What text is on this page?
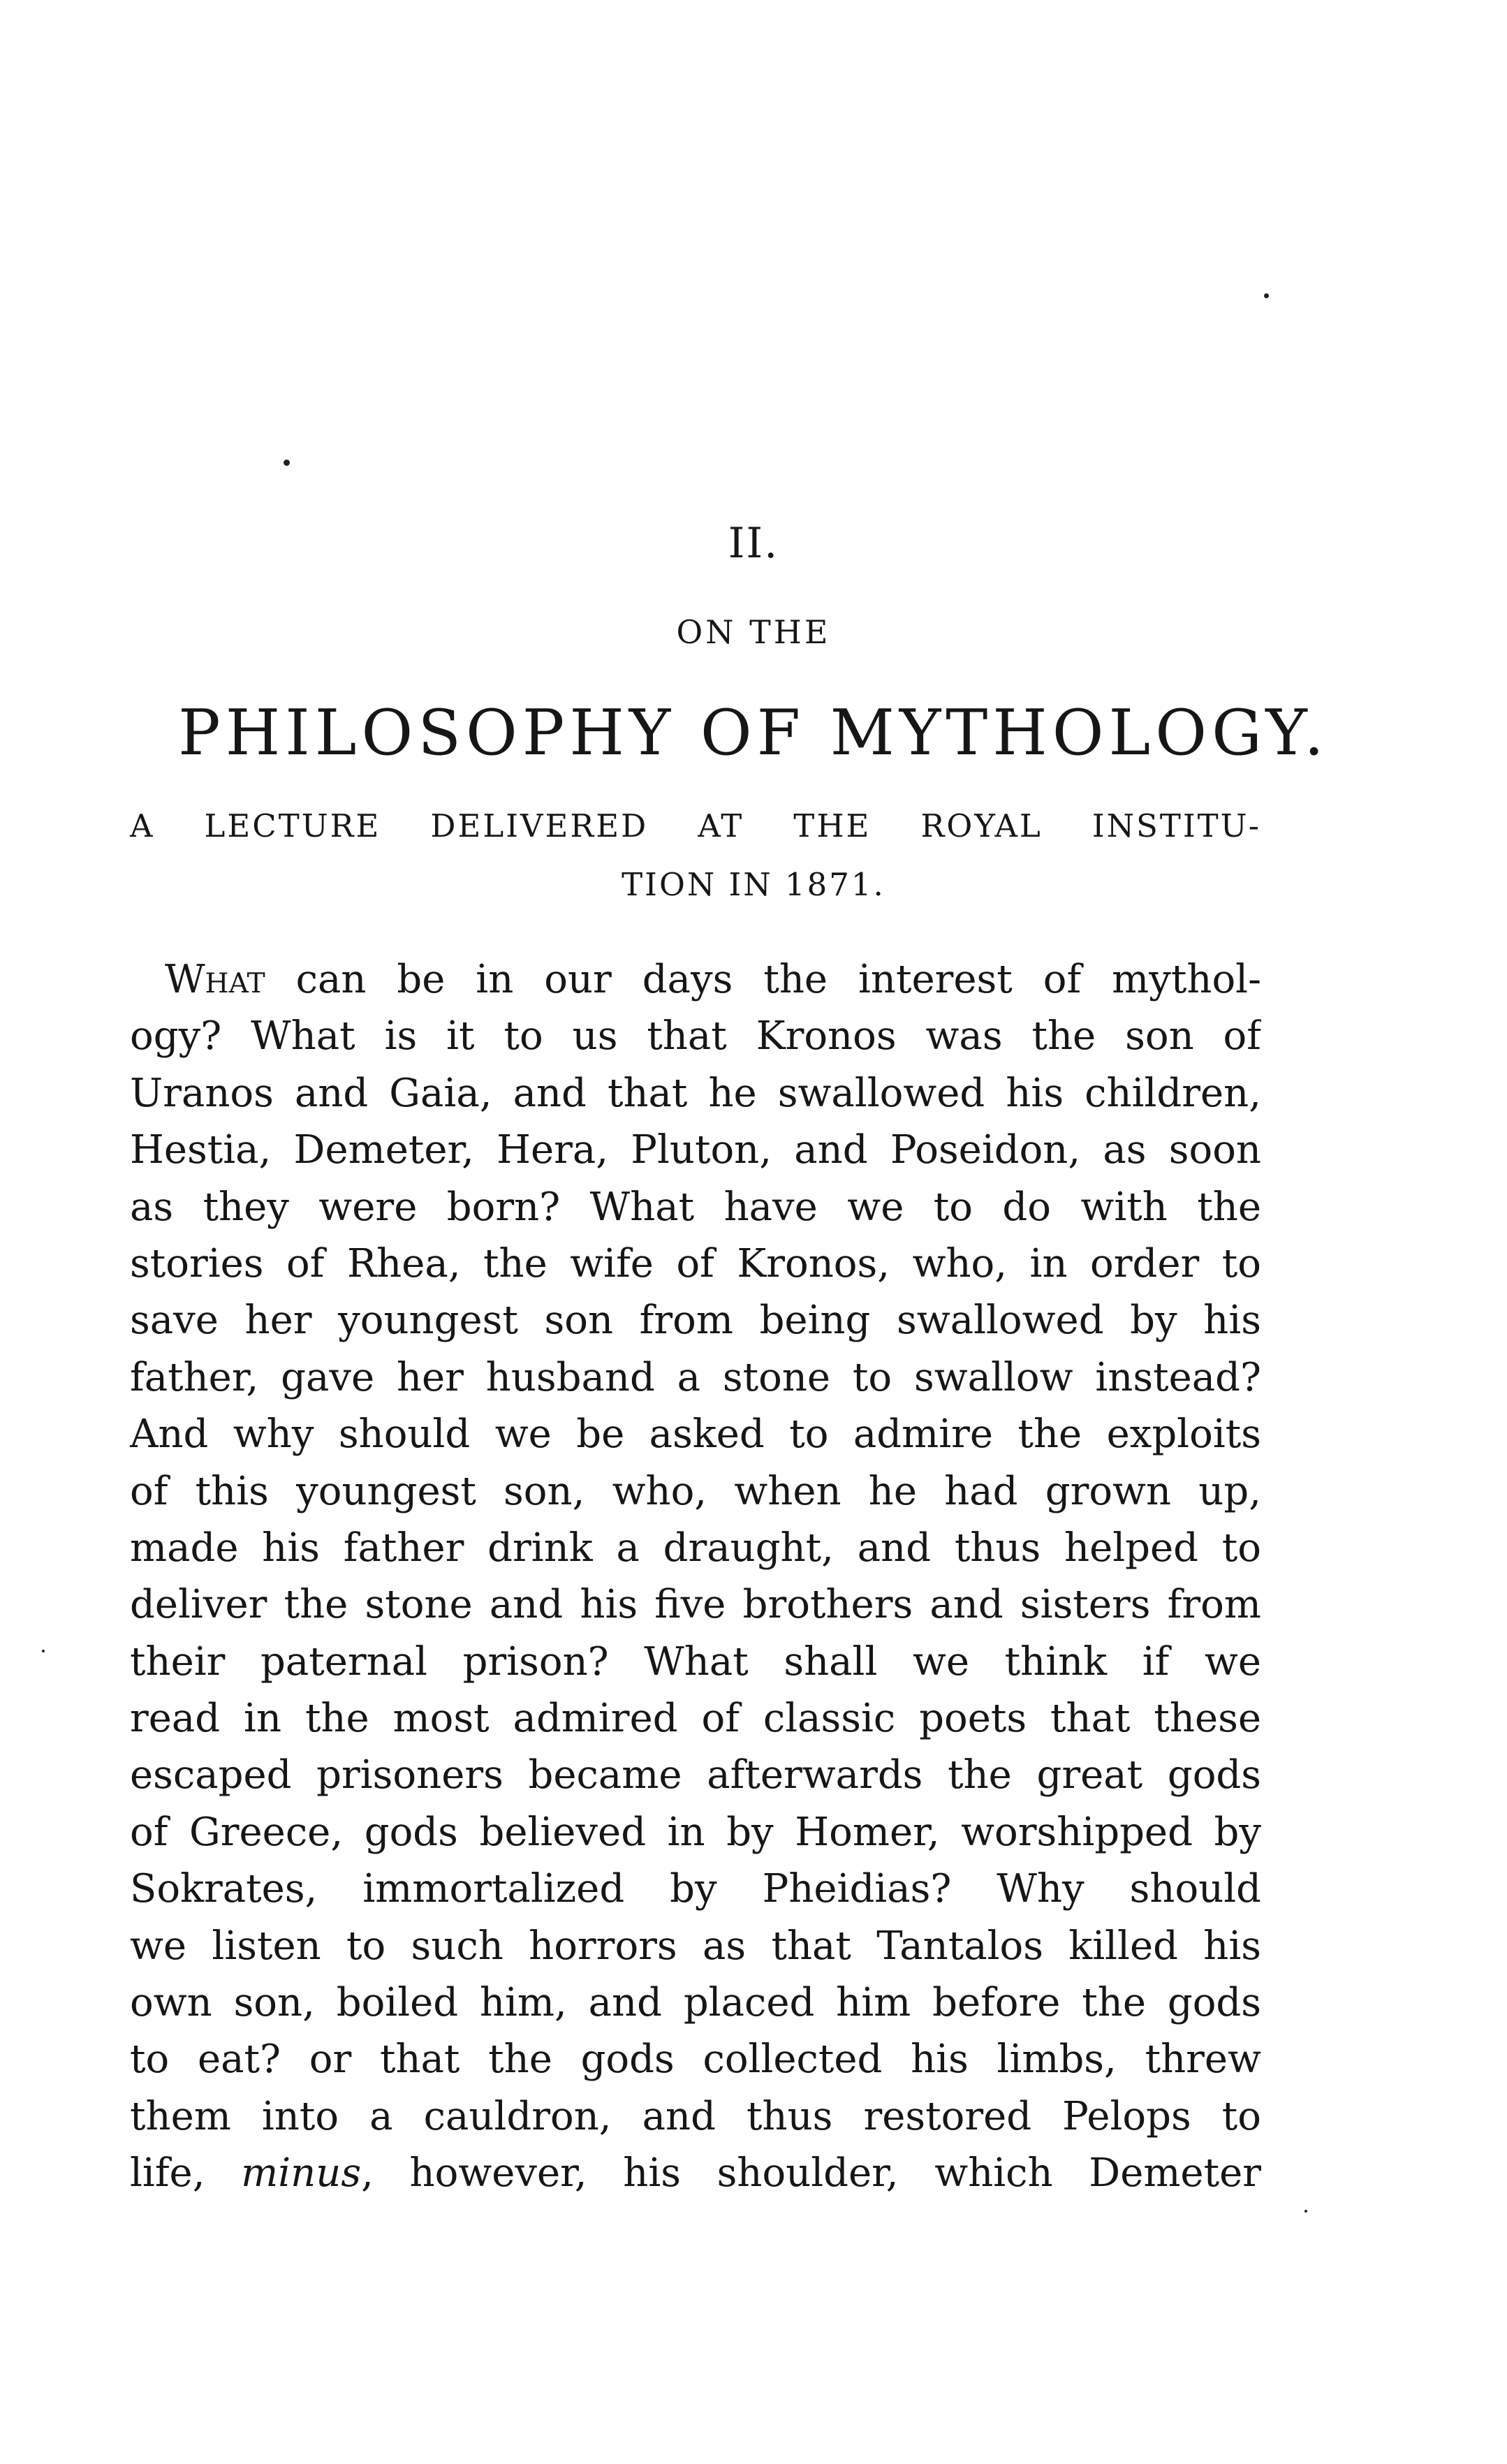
II.
ON THE
PHILOSOPHY OF MYTHOLOGY.
A LECTURE DELIVERED AT THE ROYAL INSTITU-
TION IN 1871.
What can be in our days the interest of mythol-
ogy? What is it to us that Kronos was the son of
Uranos and Gaia, and that he swallowed his children,
Hestia, Demeter, Hera, Pluton, and Poseidon, as soon
as they were born? What have we to do with the
stories of Rhea, the wife of Kronos, who, in order to
save her youngest son from being swallowed by his
father, gave her husband a stone to swallow instead?
And why should we be asked to admire the exploits
of this youngest son, who, when he had grown up,
made his father drink a draught, and thus helped to
deliver the stone and his five brothers and sisters from
their paternal prison? What shall we think if we
read in the most admired of classic poets that these
escaped prisoners became afterwards the great gods
of Greece, gods believed in by Homer, worshipped by
Sokrates, immortalized by Pheidias? Why should
we listen to such horrors as that Tantalos killed his
own son, boiled him, and placed him before the gods
to eat? or that the gods collected his limbs, threw
them into a cauldron, and thus restored Pelops to
life, minus, however, his shoulder, which Demeter
